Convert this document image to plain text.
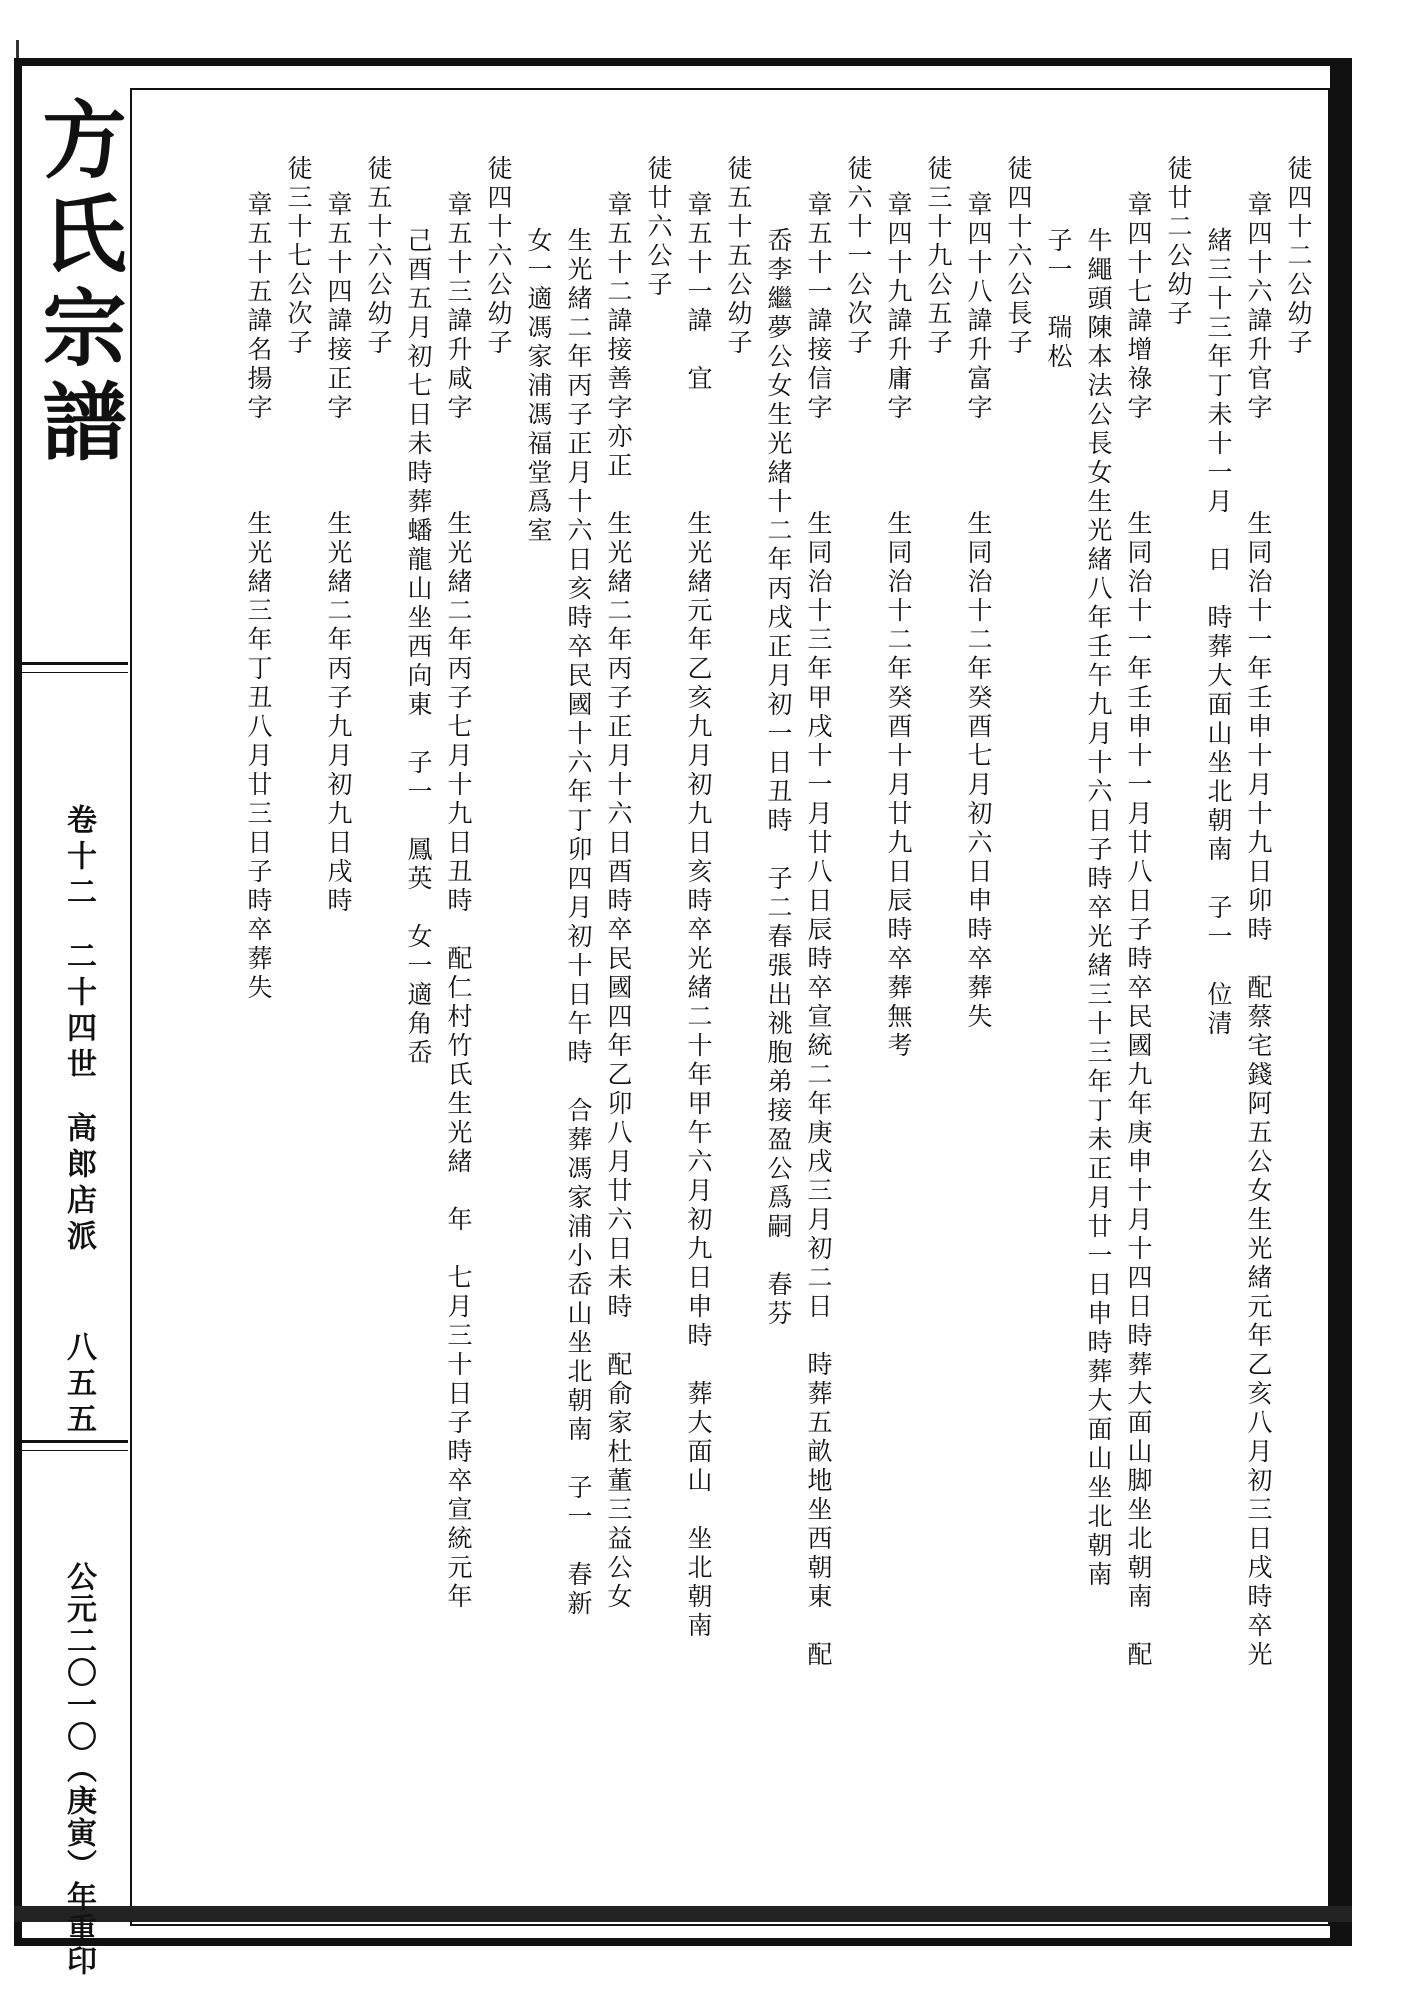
方氏宗譜
卷十二二十四世高郎店派
八五五
公元二〇一〇（庚寅）年重印
徒四十二公幼子
章四十六諱升官字　　　生同治十一年壬申十月十九日卯時　配蔡宅錢阿五公女生光緒元年乙亥八月初三日戌時卒光
緒三十三年丁未十一月　日　時葬大面山坐北朝南　子一　位清
徒廿二公幼子
章四十七諱增祿字　　　生同治十一年壬申十一月廿八日子時卒民國九年庚申十月十四日時葬大面山脚坐北朝南　配
牛繩頭陳本法公長女生光緒八年壬午九月十六日子時卒光緒三十三年丁未正月廿一日申時葬大面山坐北朝南
子一　瑞松
徒四十六公長子
章四十八諱升富字　　　生同治十二年癸酉七月初六日申時卒葬失
徒三十九公五子
章四十九諱升庸字　　　生同治十二年癸酉十月廿九日辰時卒葬無考
徒六十一公次子
章五十一諱接信字　　　生同治十三年甲戌十一月廿八日辰時卒宣統二年庚戌三月初二日　時葬五畝地坐西朝東　配
岙李繼夢公女生光緒十二年丙戌正月初一日丑時　子二春張出祧胞弟接盈公爲嗣　春芬
徒五十五公幼子
章五十一諱　宜　　　　生光緒元年乙亥九月初九日亥時卒光緒二十年甲午六月初九日申時　葬大面山　坐北朝南
徒廿六公子
章五十二諱接善字亦正　生光緒二年丙子正月十六日酉時卒民國四年乙卯八月廿六日未時　配俞家杜董三益公女
生光緒二年丙子正月十六日亥時卒民國十六年丁卯四月初十日午時　合葬馮家浦小岙山坐北朝南　子一　春新
女一適馮家浦馮福堂爲室
徒四十六公幼子
章五十三諱升咸字　　　生光緒二年丙子七月十九日丑時　配仁村竹氏生光緒　年　七月三十日子時卒宣統元年
己酉五月初七日未時葬蟠龍山坐西向東　子一　鳳英　女一適角岙
徒五十六公幼子
章五十四諱接正字　　　生光緒二年丙子九月初九日戌時
徒三十七公次子
章五十五諱名揚字　　　生光緒三年丁丑八月廿三日子時卒葬失
